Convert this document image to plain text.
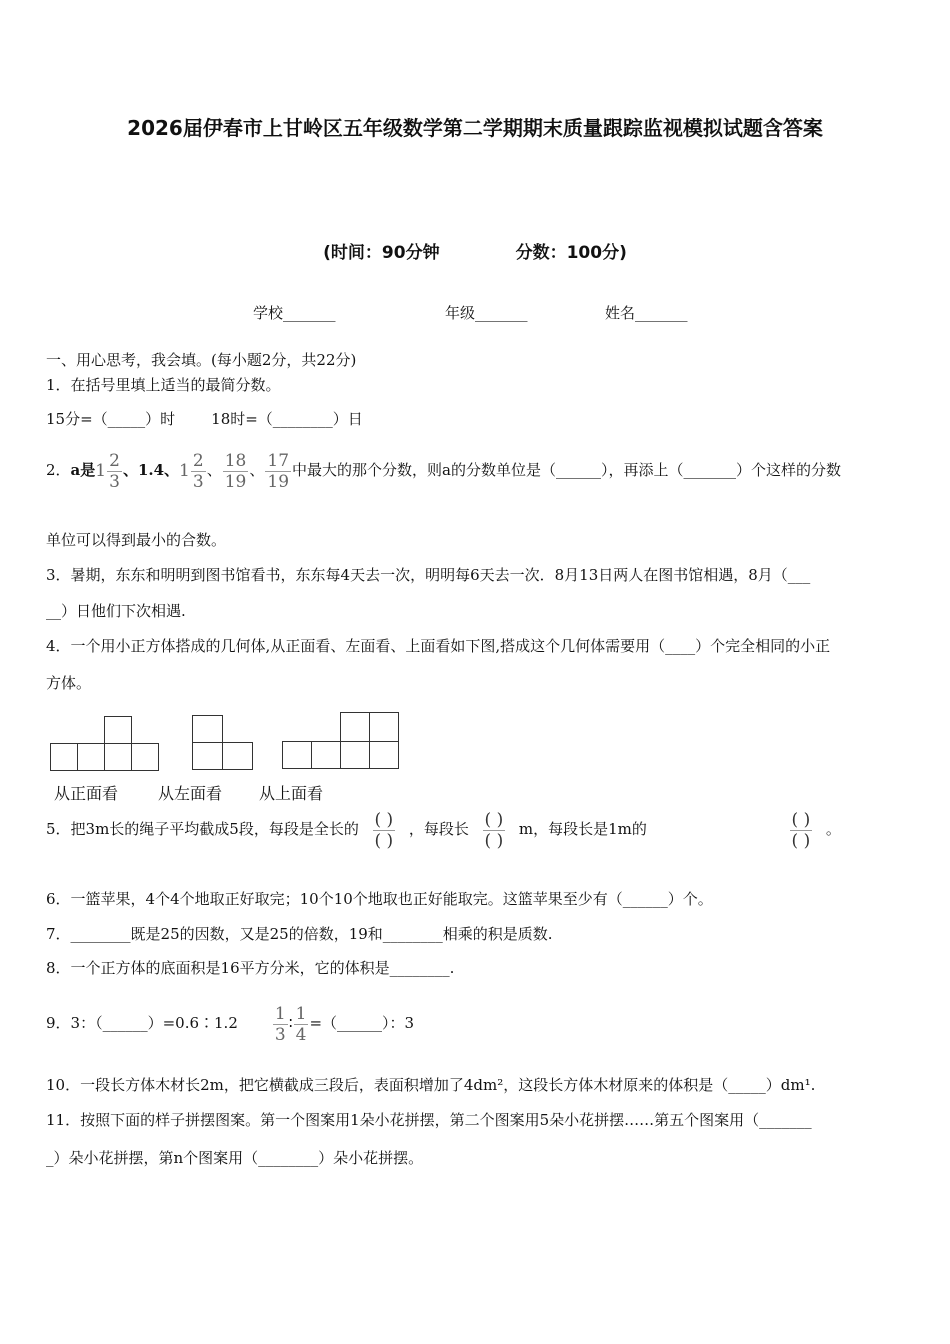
2026届伊春市上甘岭区五年级数学第二学期期末质量跟踪监视模拟试题含答案
(时间：90分钟	分数：100分)
学校_______	年级_______	姓名_______
一、用心思考，我会填。(每小题2分，共22分)
1．在括号里填上适当的最简分数。
15分=（_____）时 18时=（________）日
2．a是$1 \frac{2}{3}$ 、1.4、$1 \frac{2}{3}$ 、 $\frac{18}{19}$ 、 $\frac{17}{19}$ 中最大的那个分数，则a的分数单位是（______），再添上（_______）个这样的分数
单位可以得到最小的合数。
3．暑期，东东和明明到图书馆看书，东东每4天去一次，明明每6天去一次．8月13日两人在图书馆相遇，8月（___
__）日他们下次相遇.
4．一个用小正方体搭成的几何体,从正面看、左面看、上面看如下图,搭成这个几何体需要用（____）个完全相同的小正
方体。
从正面看 从左面看 从上面看
5．把3m长的绳子平均截成5段，每段是全长的 $\frac{( )}{( )}$ ，每段长 $\frac{( )}{( )}$ m，每段长是1m的	$\frac{( )}{( )}$ 。
6．一篮苹果，4个4个地取正好取完；10个10个地取也正好能取完。这篮苹果至少有（______）个。
7．________既是25的因数，又是25的倍数，19和________相乘的积是质数.
8．一个正方体的底面积是16平方分米，它的体积是________.
9．3：（______）=0.6∶1.2 $\frac{1}{3}$ ∶ $\frac{1}{4}$ =（______）：3
10．一段长方体木材长2m，把它横截成三段后，表面积增加了4dm²，这段长方体木材原来的体积是（_____）dm¹.
11．按照下面的样子拼摆图案。第一个图案用1朵小花拼摆，第二个图案用5朵小花拼摆……第五个图案用（_______
_）朵小花拼摆，第n个图案用（________）朵小花拼摆。
